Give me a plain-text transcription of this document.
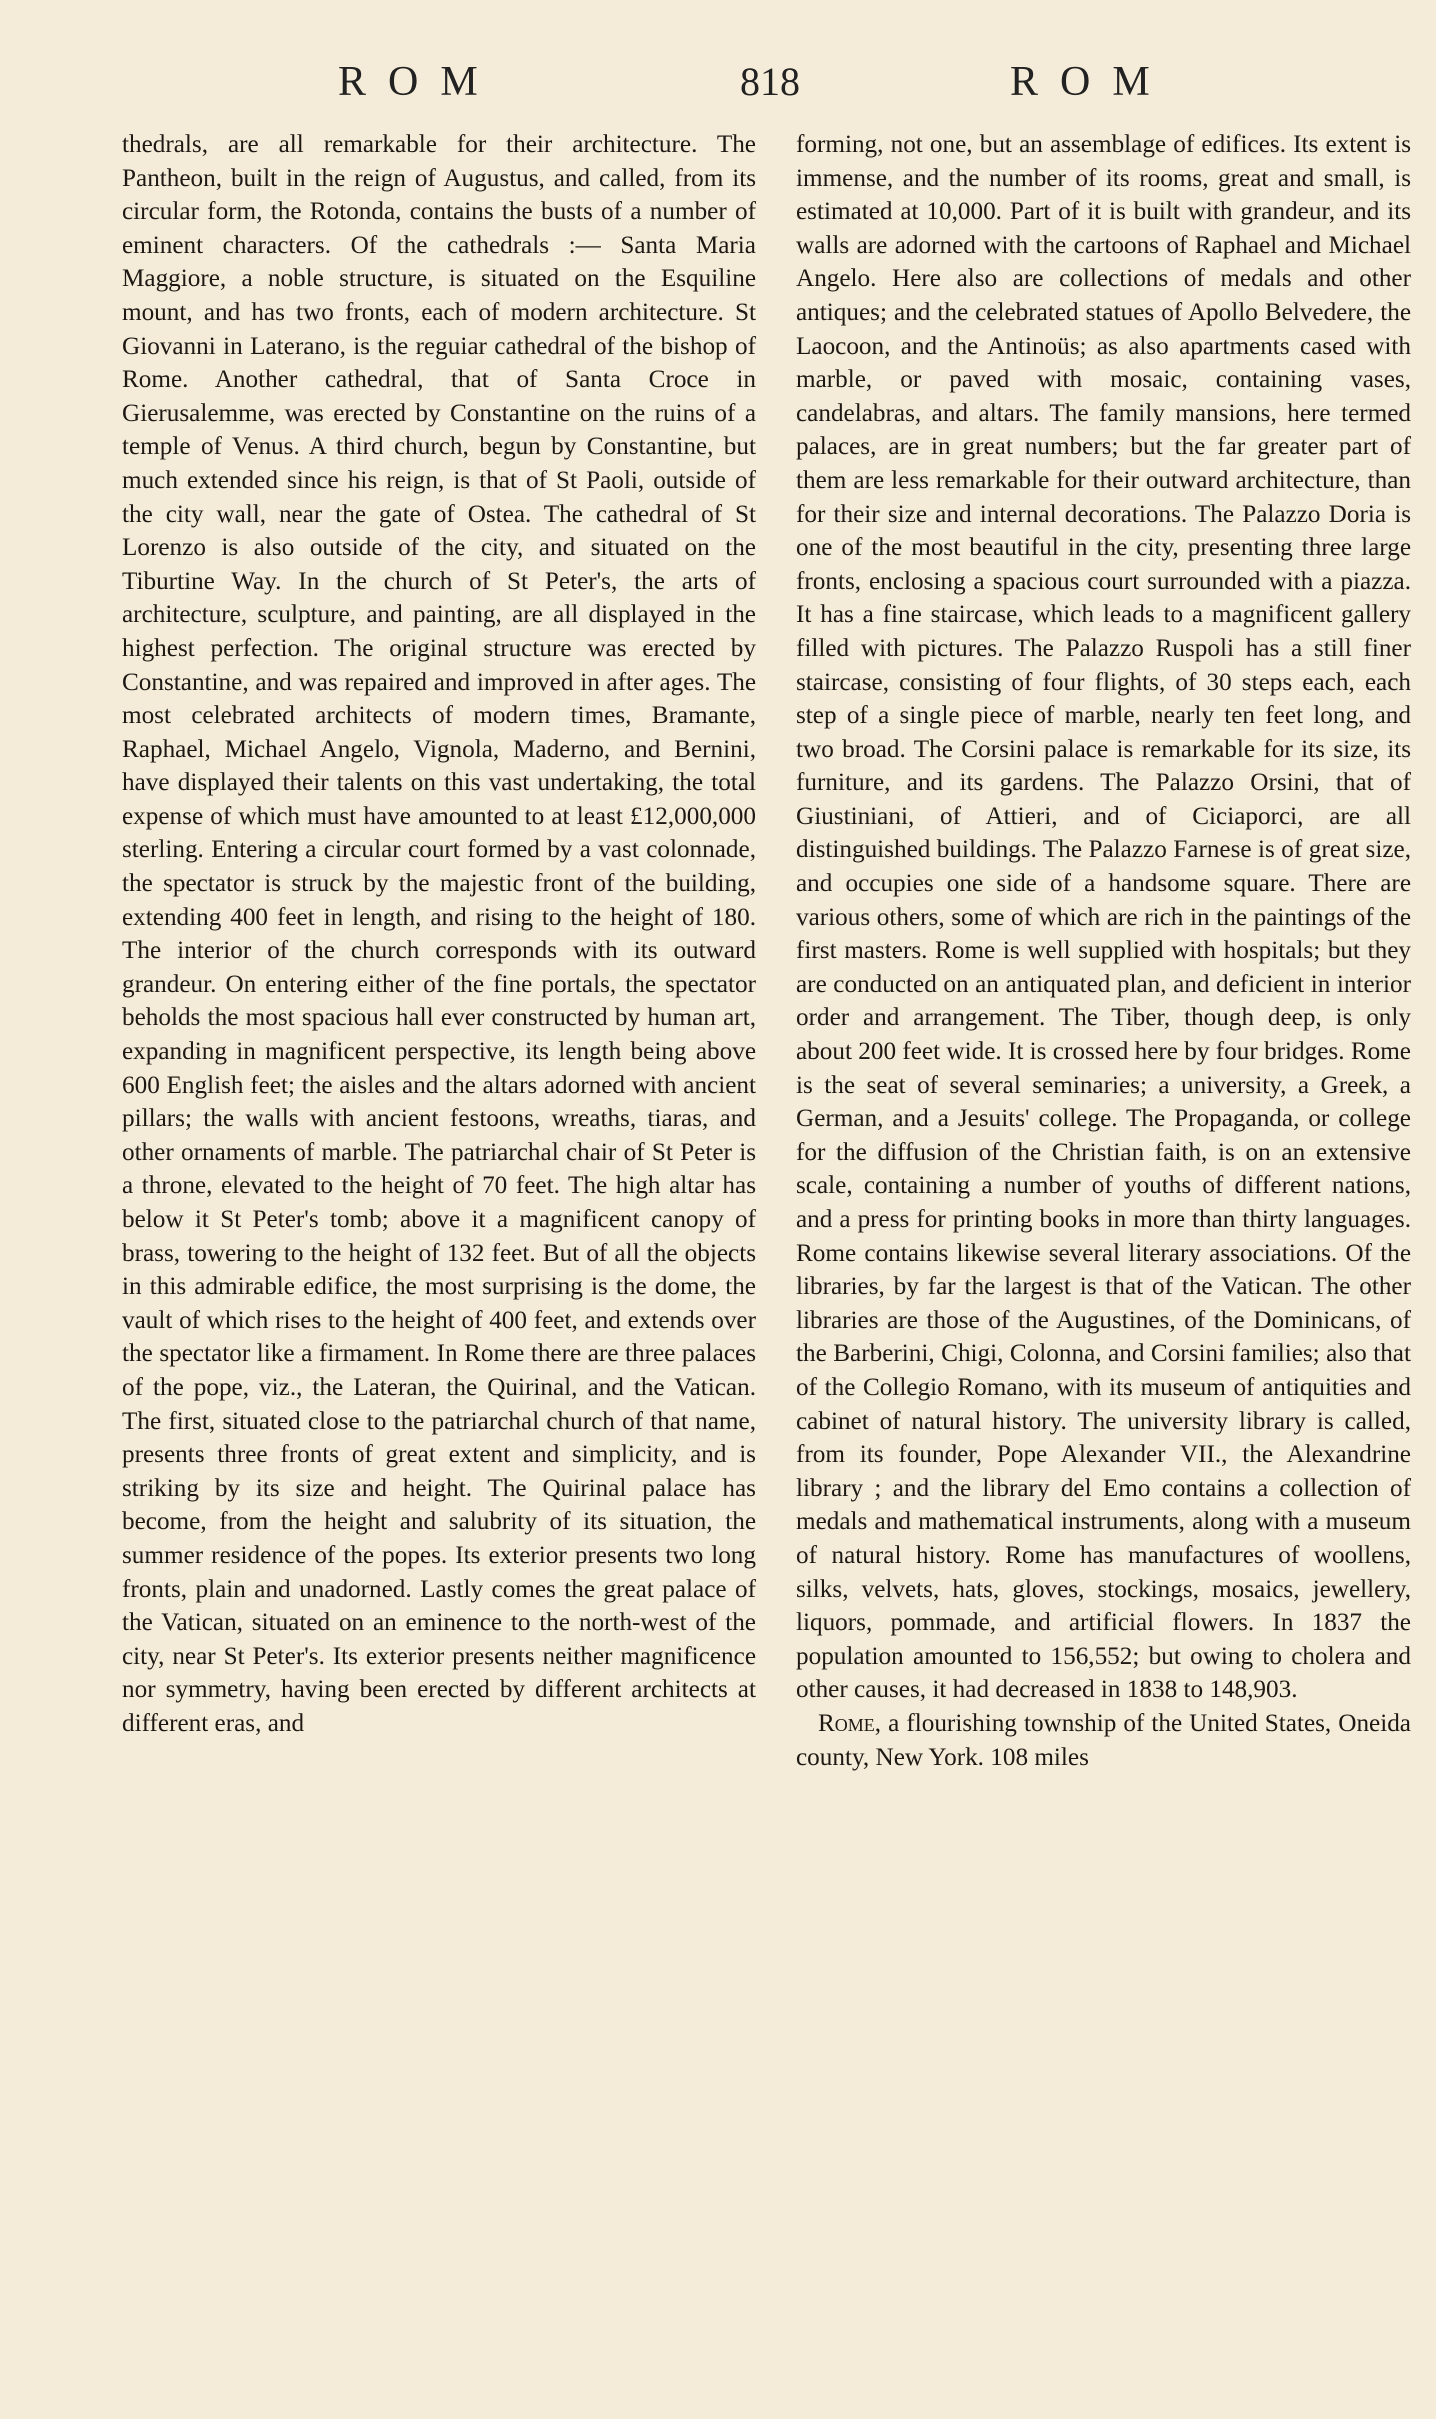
ROM	818	ROM

thedrals, are all remarkable for their architecture. The Pantheon, built in the reign of Augustus, and called, from its circular form, the Rotonda, contains the busts of a number of eminent characters. Of the cathedrals :— Santa Maria Maggiore, a noble structure, is situated on the Esquiline mount, and has two fronts, each of modern architecture. St Giovanni in Laterano, is the reguiar cathedral of the bishop of Rome. Another cathedral, that of Santa Croce in Gierusalemme, was erected by Constantine on the ruins of a temple of Venus. A third church, begun by Constantine, but much extended since his reign, is that of St Paoli, outside of the city wall, near the gate of Ostea. The cathedral of St Lorenzo is also outside of the city, and situated on the Tiburtine Way. In the church of St Peter's, the arts of architecture, sculpture, and painting, are all displayed in the highest perfection. The original structure was erected by Constantine, and was repaired and improved in after ages. The most celebrated architects of modern times, Bramante, Raphael, Michael Angelo, Vignola, Maderno, and Bernini, have displayed their talents on this vast undertaking, the total expense of which must have amounted to at least £12,000,000 sterling. Entering a circular court formed by a vast colonnade, the spectator is struck by the majestic front of the building, extending 400 feet in length, and rising to the height of 180. The interior of the church corresponds with its outward grandeur. On entering either of the fine portals, the spectator beholds the most spacious hall ever constructed by human art, expanding in magnificent perspective, its length being above 600 English feet; the aisles and the altars adorned with ancient pillars; the walls with ancient festoons, wreaths, tiaras, and other ornaments of marble. The patriarchal chair of St Peter is a throne, elevated to the height of 70 feet. The high altar has below it St Peter's tomb; above it a magnificent canopy of brass, towering to the height of 132 feet. But of all the objects in this admirable edifice, the most surprising is the dome, the vault of which rises to the height of 400 feet, and extends over the spectator like a firmament. In Rome there are three palaces of the pope, viz., the Lateran, the Quirinal, and the Vatican. The first, situated close to the patriarchal church of that name, presents three fronts of great extent and simplicity, and is striking by its size and height. The Quirinal palace has become, from the height and salubrity of its situation, the summer residence of the popes. Its exterior presents two long fronts, plain and unadorned. Lastly comes the great palace of the Vatican, situated on an eminence to the north-west of the city, near St Peter's. Its exterior presents neither magnificence nor symmetry, having been erected by different architects at different eras, and

forming, not one, but an assemblage of edifices. Its extent is immense, and the number of its rooms, great and small, is estimated at 10,000. Part of it is built with grandeur, and its walls are adorned with the cartoons of Raphael and Michael Angelo. Here also are collections of medals and other antiques; and the celebrated statues of Apollo Belvedere, the Laocoon, and the Antinoüs; as also apartments cased with marble, or paved with mosaic, containing vases, candelabras, and altars. The family mansions, here termed palaces, are in great numbers; but the far greater part of them are less remarkable for their outward architecture, than for their size and internal decorations. The Palazzo Doria is one of the most beautiful in the city, presenting three large fronts, enclosing a spacious court surrounded with a piazza. It has a fine staircase, which leads to a magnificent gallery filled with pictures. The Palazzo Ruspoli has a still finer staircase, consisting of four flights, of 30 steps each, each step of a single piece of marble, nearly ten feet long, and two broad. The Corsini palace is remarkable for its size, its furniture, and its gardens. The Palazzo Orsini, that of Giustiniani, of Attieri, and of Ciciaporci, are all distinguished buildings. The Palazzo Farnese is of great size, and occupies one side of a handsome square. There are various others, some of which are rich in the paintings of the first masters. Rome is well supplied with hospitals; but they are conducted on an antiquated plan, and deficient in interior order and arrangement. The Tiber, though deep, is only about 200 feet wide. It is crossed here by four bridges. Rome is the seat of several seminaries; a university, a Greek, a German, and a Jesuits' college. The Propaganda, or college for the diffusion of the Christian faith, is on an extensive scale, containing a number of youths of different nations, and a press for printing books in more than thirty languages. Rome contains likewise several literary associations. Of the libraries, by far the largest is that of the Vatican. The other libraries are those of the Augustines, of the Dominicans, of the Barberini, Chigi, Colonna, and Corsini families; also that of the Collegio Romano, with its museum of antiquities and cabinet of natural history. The university library is called, from its founder, Pope Alexander VII., the Alexandrine library ; and the library del Emo contains a collection of medals and mathematical instruments, along with a museum of natural history. Rome has manufactures of woollens, silks, velvets, hats, gloves, stockings, mosaics, jewellery, liquors, pommade, and artificial flowers. In 1837 the population amounted to 156,552; but owing to cholera and other causes, it had decreased in 1838 to 148,903.

Rome, a flourishing township of the United States, Oneida county, New York. 108 miles
